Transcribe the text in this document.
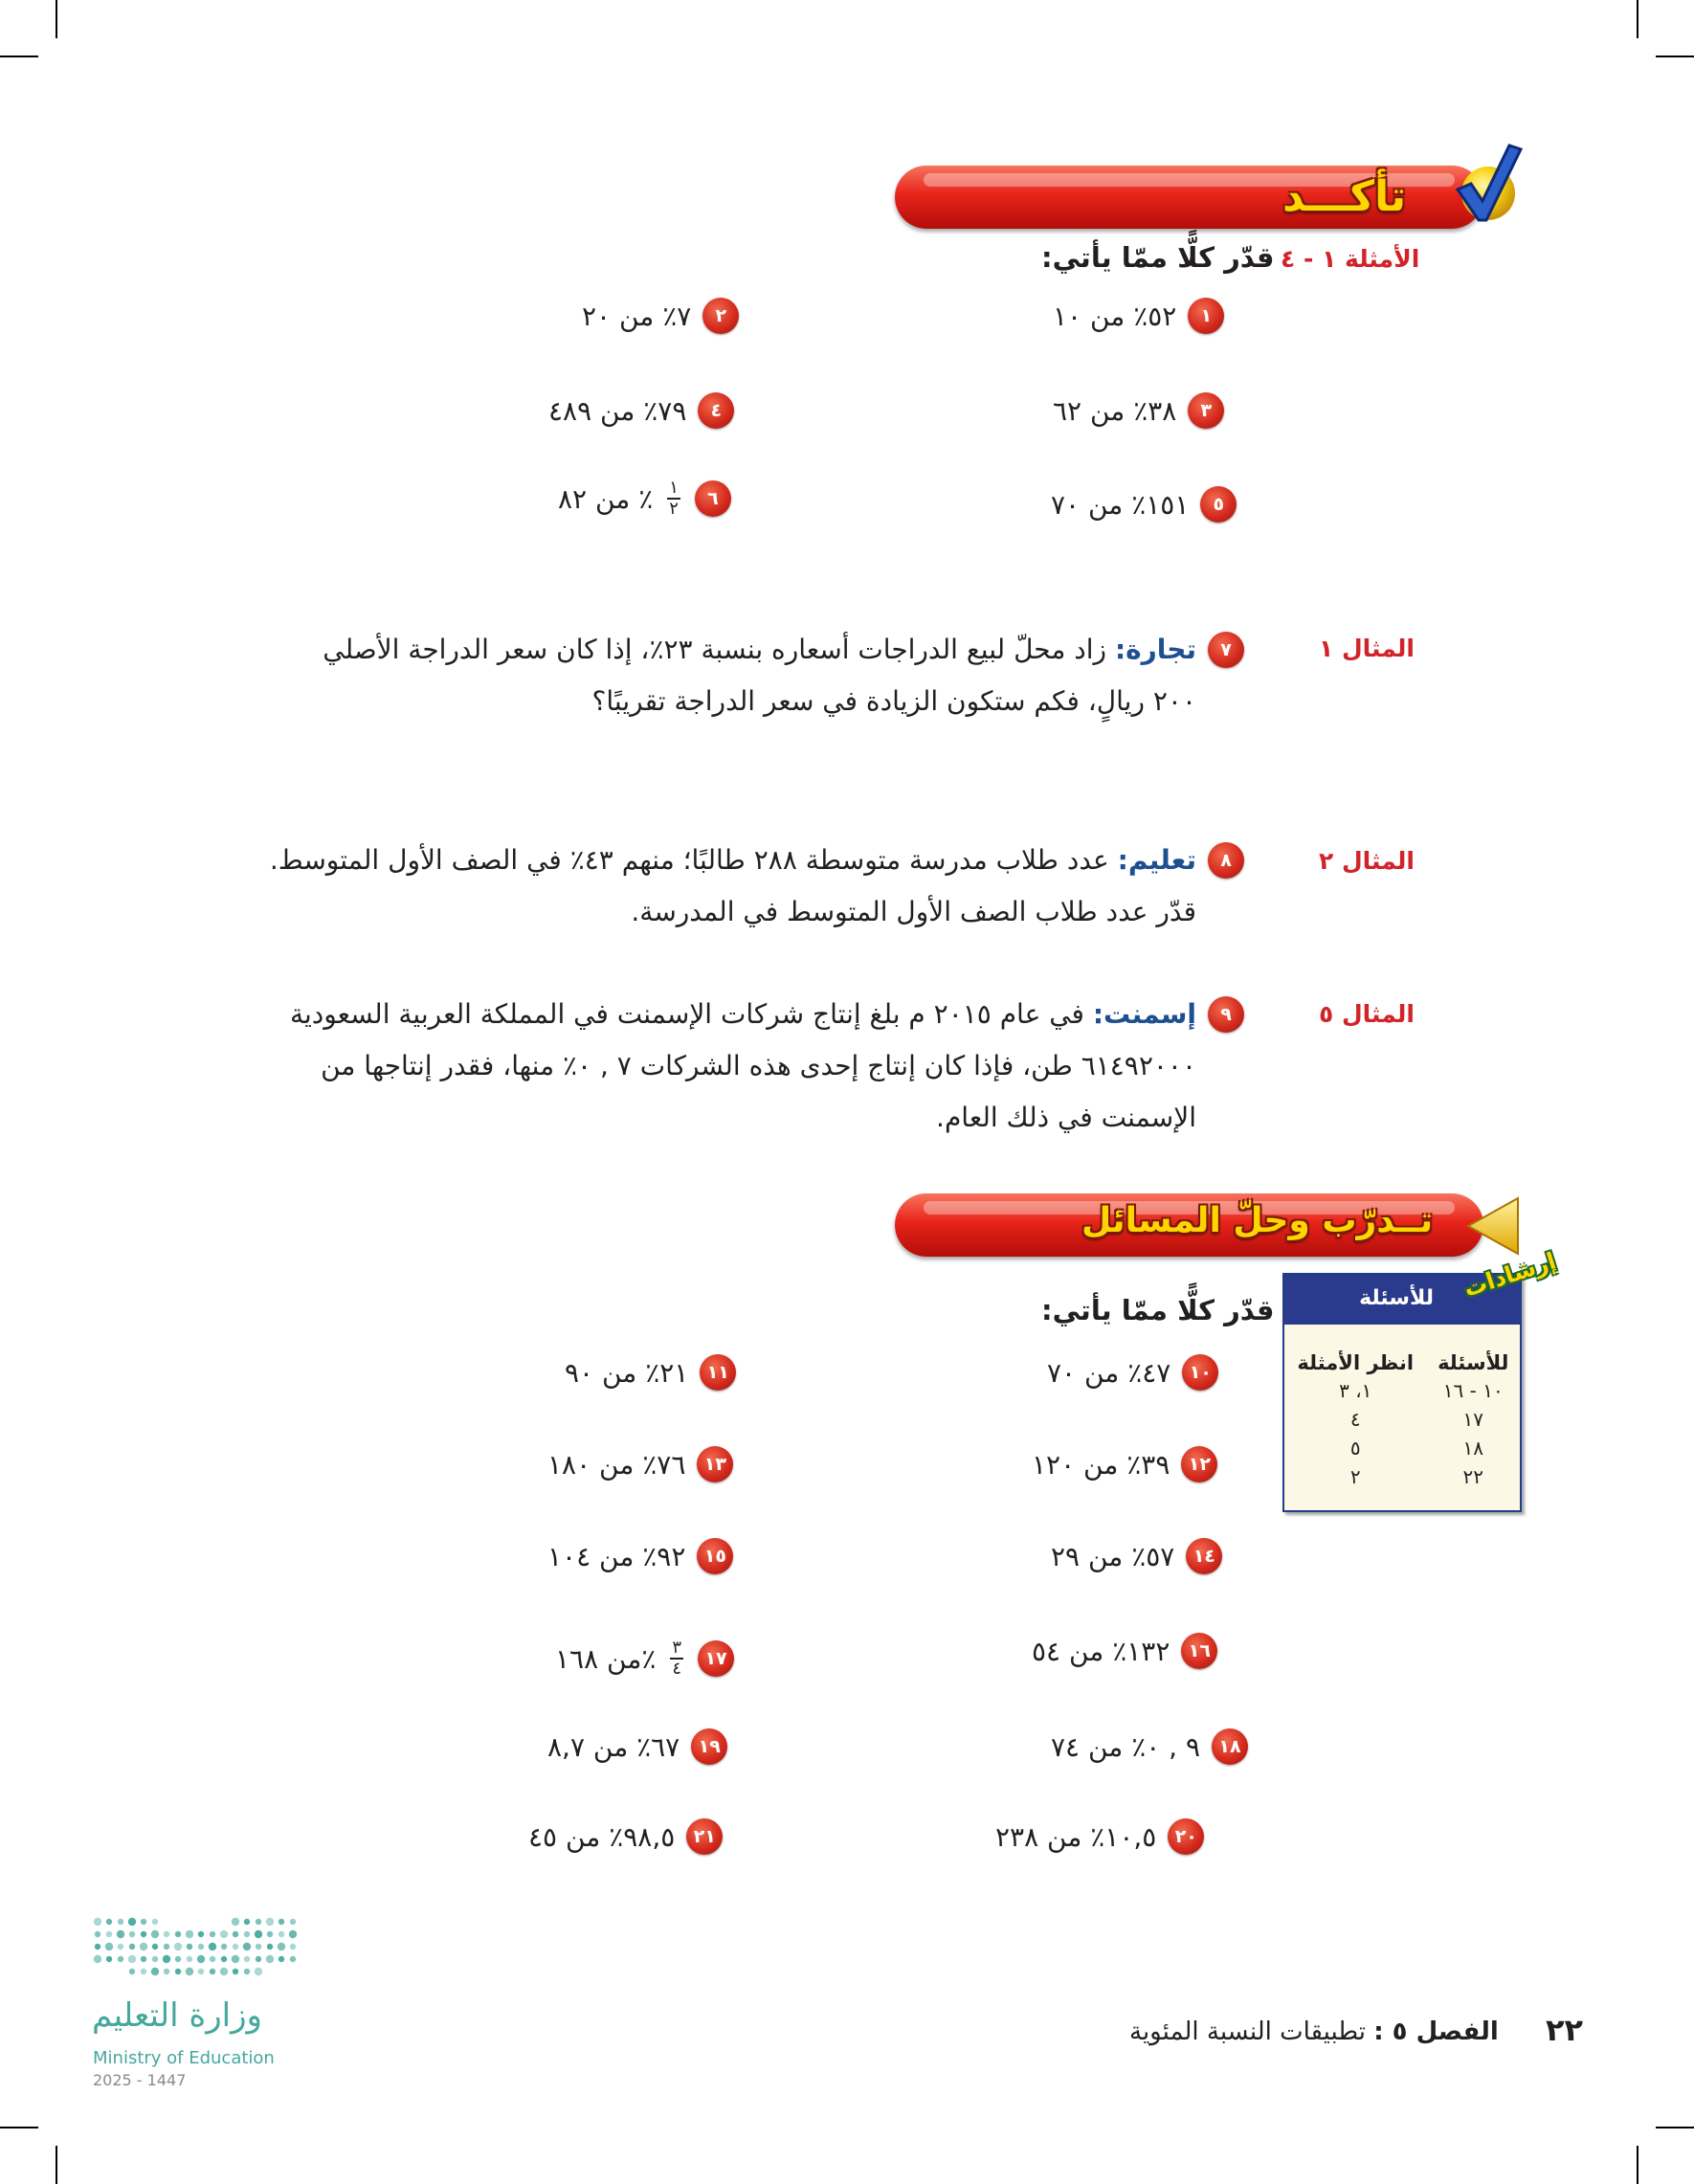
تأكـــد
الأمثلة ١ - ٤
قدّر كلًّا ممّا يأتي:
١
٥٢٪ من ١٠
٢
٧٪ من ٢٠
٣
٣٨٪ من ٦٢
٤
٧٩٪ من ٤٨٩
٥
١٥١٪ من ٧٠
٦
$\frac{١}{٢}$
٪ من ٨٢
المثال ١
٧
تجارة: زاد محلّ لبيع الدراجات أسعاره بنسبة ٢٣٪، إذا كان سعر الدراجة الأصلي
٢٠٠ ريالٍ، فكم ستكون الزيادة في سعر الدراجة تقريبًا؟
المثال ٢
٨
تعليم: عدد طلاب مدرسة متوسطة ٢٨٨ طالبًا؛ منهم ٤٣٪ في الصف الأول المتوسط.
قدّر عدد طلاب الصف الأول المتوسط في المدرسة.
المثال ٥
٩
إسمنت: في عام ٢٠١٥ م بلغ إنتاج شركات الإسمنت في المملكة العربية السعودية
٦١٤٩٢٠٠٠ طن، فإذا كان إنتاج إحدى هذه الشركات ٧ , ٠٪ منها، فقدر إنتاجها من
الإسمنت في ذلك العام.
تــدرّب وحلّ المسائل
للأسئلة
للأسئلة	انظر الأمثلة
١٠ - ١٦	١، ٣
١٧	٤
١٨	٥
٢٢	٢
إرشادات
قدّر كلًّا ممّا يأتي:
١٠
٤٧٪ من ٧٠
١١
٢١٪ من ٩٠
١٢
٣٩٪ من ١٢٠
١٣
٧٦٪ من ١٨٠
١٤
٥٧٪ من ٢٩
١٥
٩٢٪ من ١٠٤
١٦
١٣٢٪ من ٥٤
١٧
$\frac{٣}{٤}$
٪من ١٦٨
١٨
٩ , ٠٪ من ٧٤
١٩
٦٧٪ من ٨,٧
٢٠
١٠,٥٪ من ٢٣٨
٢١
٩٨,٥٪ من ٤٥
وزارة التعليم
Ministry of Education
2025 - 1447
الفصل ٥ : تطبيقات النسبة المئوية	٢٢
